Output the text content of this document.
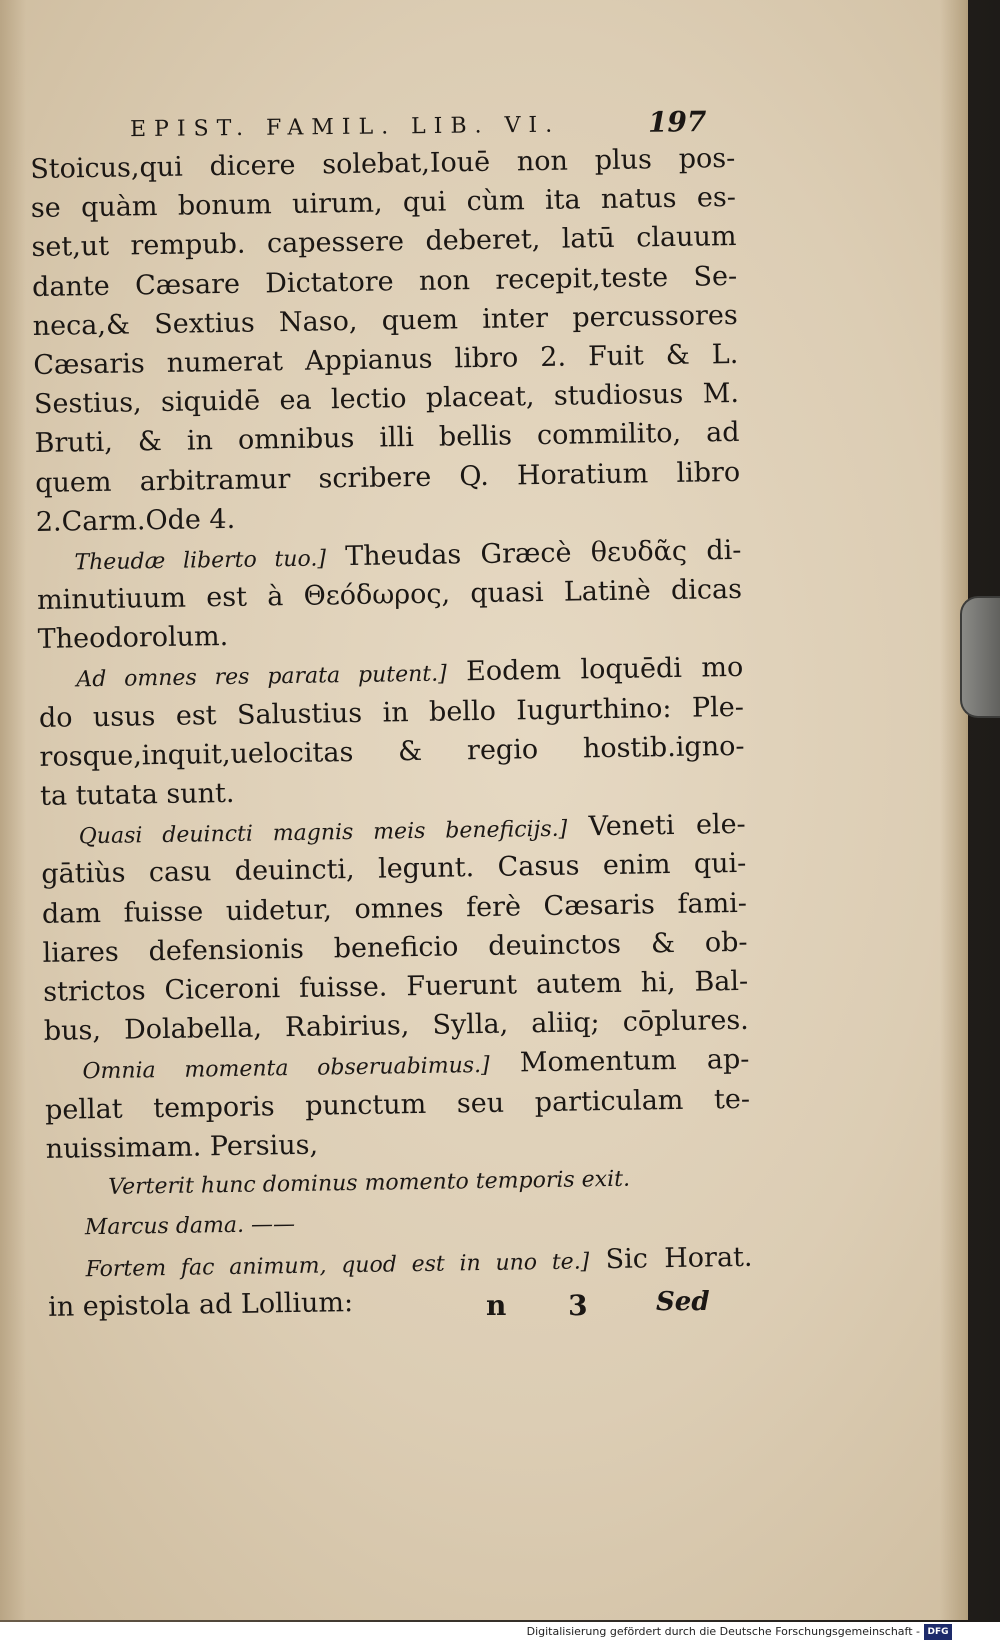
EPIST. FAMIL. LIB. VI.	197
Stoicus,qui dicere solebat,Iouē non plus pos-
se quàm bonum uirum, qui cùm ita natus es-
set,ut rempub. capessere deberet, latū clauum
dante Cæsare Dictatore non recepit,teste Se-
neca,& Sextius Naso, quem inter percussores
Cæsaris numerat Appianus libro 2. Fuit & L.
Sestius, siquidē ea lectio placeat, studiosus M.
Bruti, & in omnibus illi bellis commilito, ad
quem arbitramur scribere Q. Horatium libro
2.Carm.Ode 4.
Theudæ liberto tuo.] Theudas Græcè θευδᾶς di-
minutiuum est à Θεόδωρος, quasi Latinè dicas
Theodorolum.
Ad omnes res parata putent.] Eodem loquēdi mo
do usus est Salustius in bello Iugurthino: Ple-
rosque,inquit,uelocitas & regio hostib.igno-
ta tutata sunt.
Quasi deuincti magnis meis beneficijs.] Veneti ele-
gātiùs casu deuincti, legunt. Casus enim qui-
dam fuisse uidetur, omnes ferè Cæsaris fami-
liares defensionis beneficio deuinctos & ob-
strictos Ciceroni fuisse. Fuerunt autem hi, Bal-
bus, Dolabella, Rabirius, Sylla, aliiq; cōplures.
Omnia momenta obseruabimus.] Momentum ap-
pellat temporis punctum seu particulam te-
nuissimam. Persius,
Verterit hunc dominus momento temporis exit.
Marcus dama. ——
Fortem fac animum, quod est in uno te.] Sic Horat.
in epistola ad Lollium:	n 3 Sed
Digitalisierung gefördert durch die Deutsche Forschungsgemeinschaft - DFG
